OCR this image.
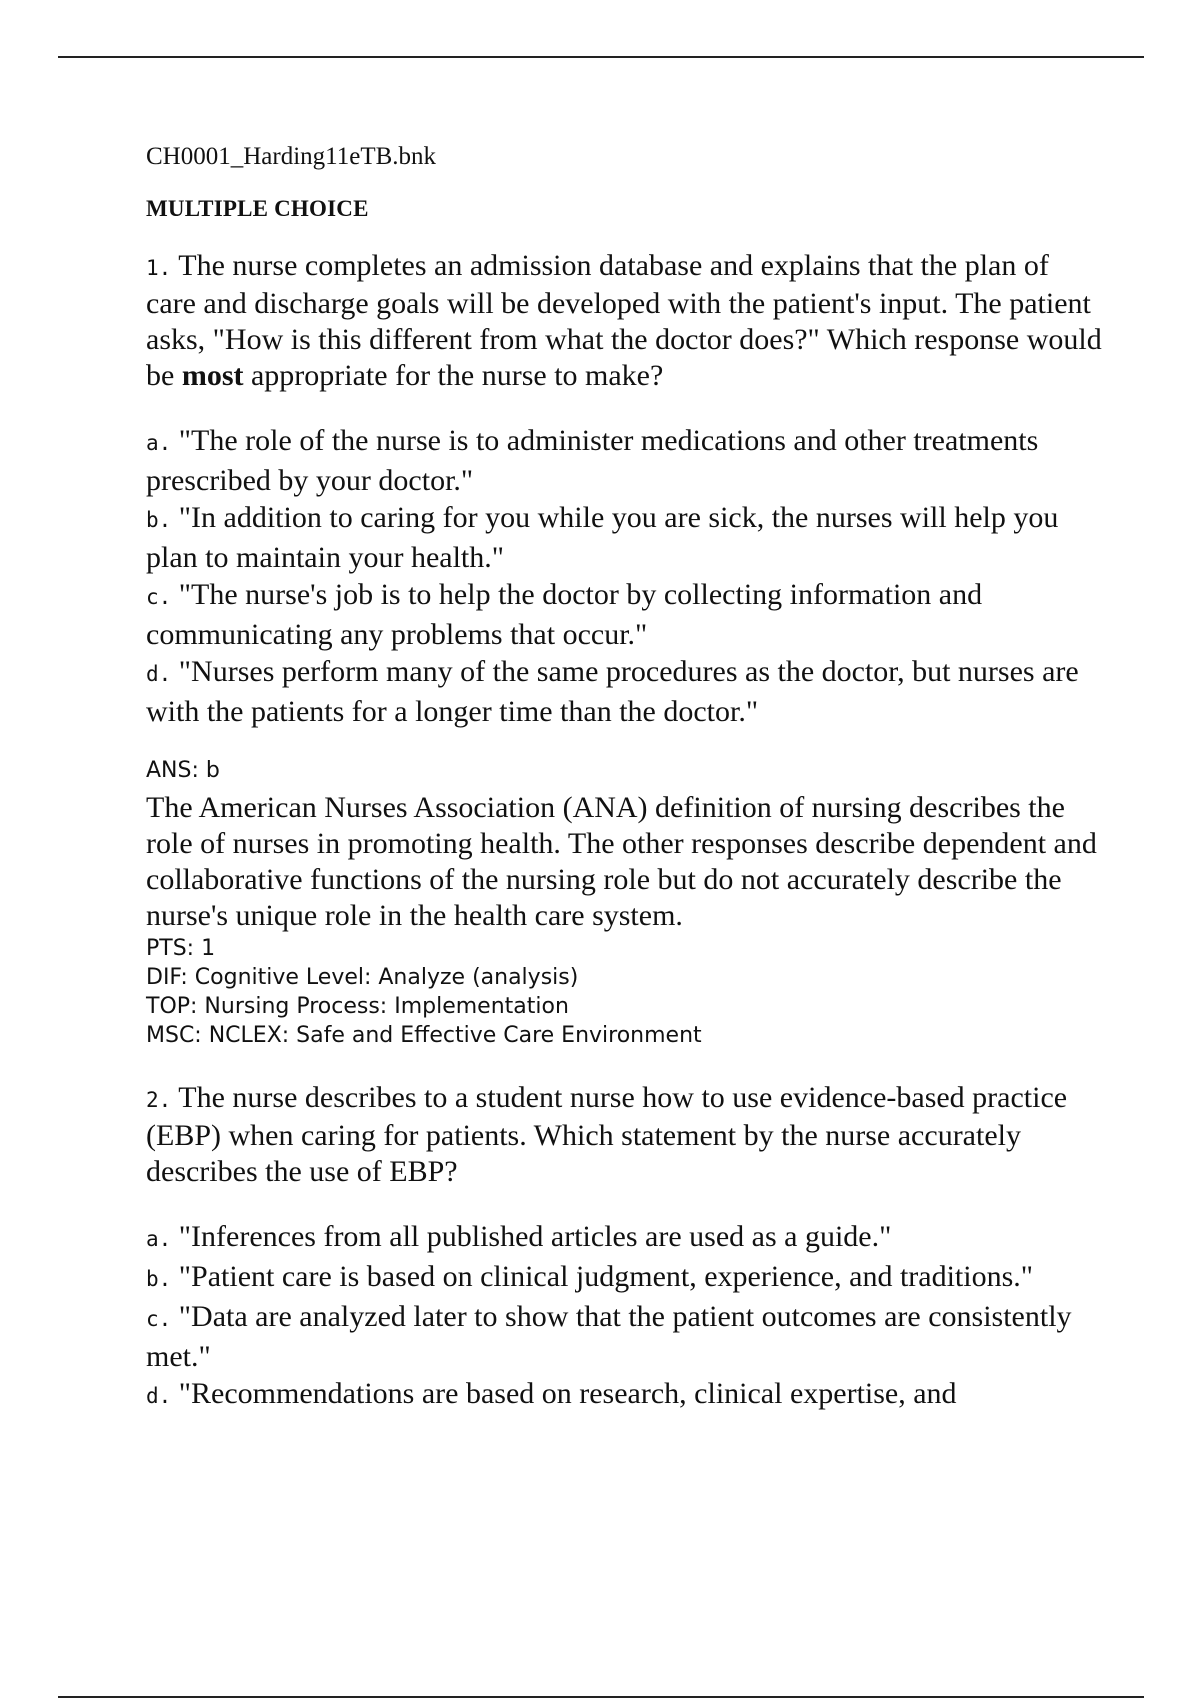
CH0001_Harding11eTB.bnk
MULTIPLE CHOICE

1. The nurse completes an admission database and explains that the plan of care and discharge goals will be developed with the patient's input. The patient asks, "How is this different from what the doctor does?" Which response would be most appropriate for the nurse to make?

a. "The role of the nurse is to administer medications and other treatments prescribed by your doctor."

b. "In addition to caring for you while you are sick, the nurses will help you plan to maintain your health."

c. "The nurse's job is to help the doctor by collecting information and communicating any problems that occur."

d. "Nurses perform many of the same procedures as the doctor, but nurses are with the patients for a longer time than the doctor."

ANS: b

The American Nurses Association (ANA) definition of nursing describes the role of nurses in promoting health. The other responses describe dependent and collaborative functions of the nursing role but do not accurately describe the nurse's unique role in the health care system.

PTS: 1

DIF: Cognitive Level: Analyze (analysis)

TOP: Nursing Process: Implementation

MSC: NCLEX: Safe and Effective Care Environment

2. The nurse describes to a student nurse how to use evidence-based practice (EBP) when caring for patients. Which statement by the nurse accurately describes the use of EBP?

a. "Inferences from all published articles are used as a guide."

b. "Patient care is based on clinical judgment, experience, and traditions."

c. "Data are analyzed later to show that the patient outcomes are consistently met."

d. "Recommendations are based on research, clinical expertise, and
